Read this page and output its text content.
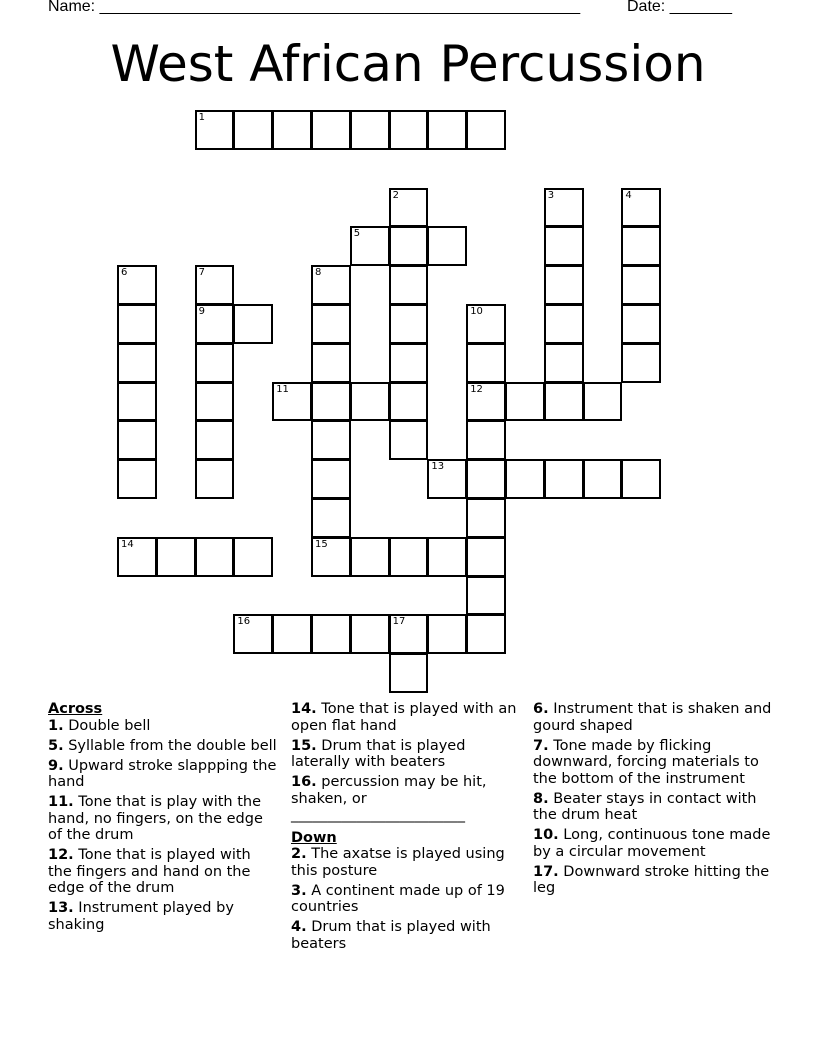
Name: ______________________________________________________	Date: _______
West African Percussion
1
2	3	4
5
6	7
9
8
15
10
12
11
13
14
16	17
Across
1. Double bell
5. Syllable from the double bell
9. Upward stroke slappping the hand
11. Tone that is play with the hand, no fingers, on the edge of the drum
12. Tone that is played with the fingers and hand on the edge of the drum
13. Instrument played by shaking
14. Tone that is played with an open flat hand
15. Drum that is played laterally with beaters
16. percussion may be hit, shaken, or
________________________
Down
2. The axatse is played using this posture
3. A continent made up of 19 countries
4. Drum that is played with beaters
6. Instrument that is shaken and gourd shaped
7. Tone made by flicking downward, forcing materials to the bottom of the instrument
8. Beater stays in contact with the drum heat
10. Long, continuous tone made by a circular movement
17. Downward stroke hitting the leg
